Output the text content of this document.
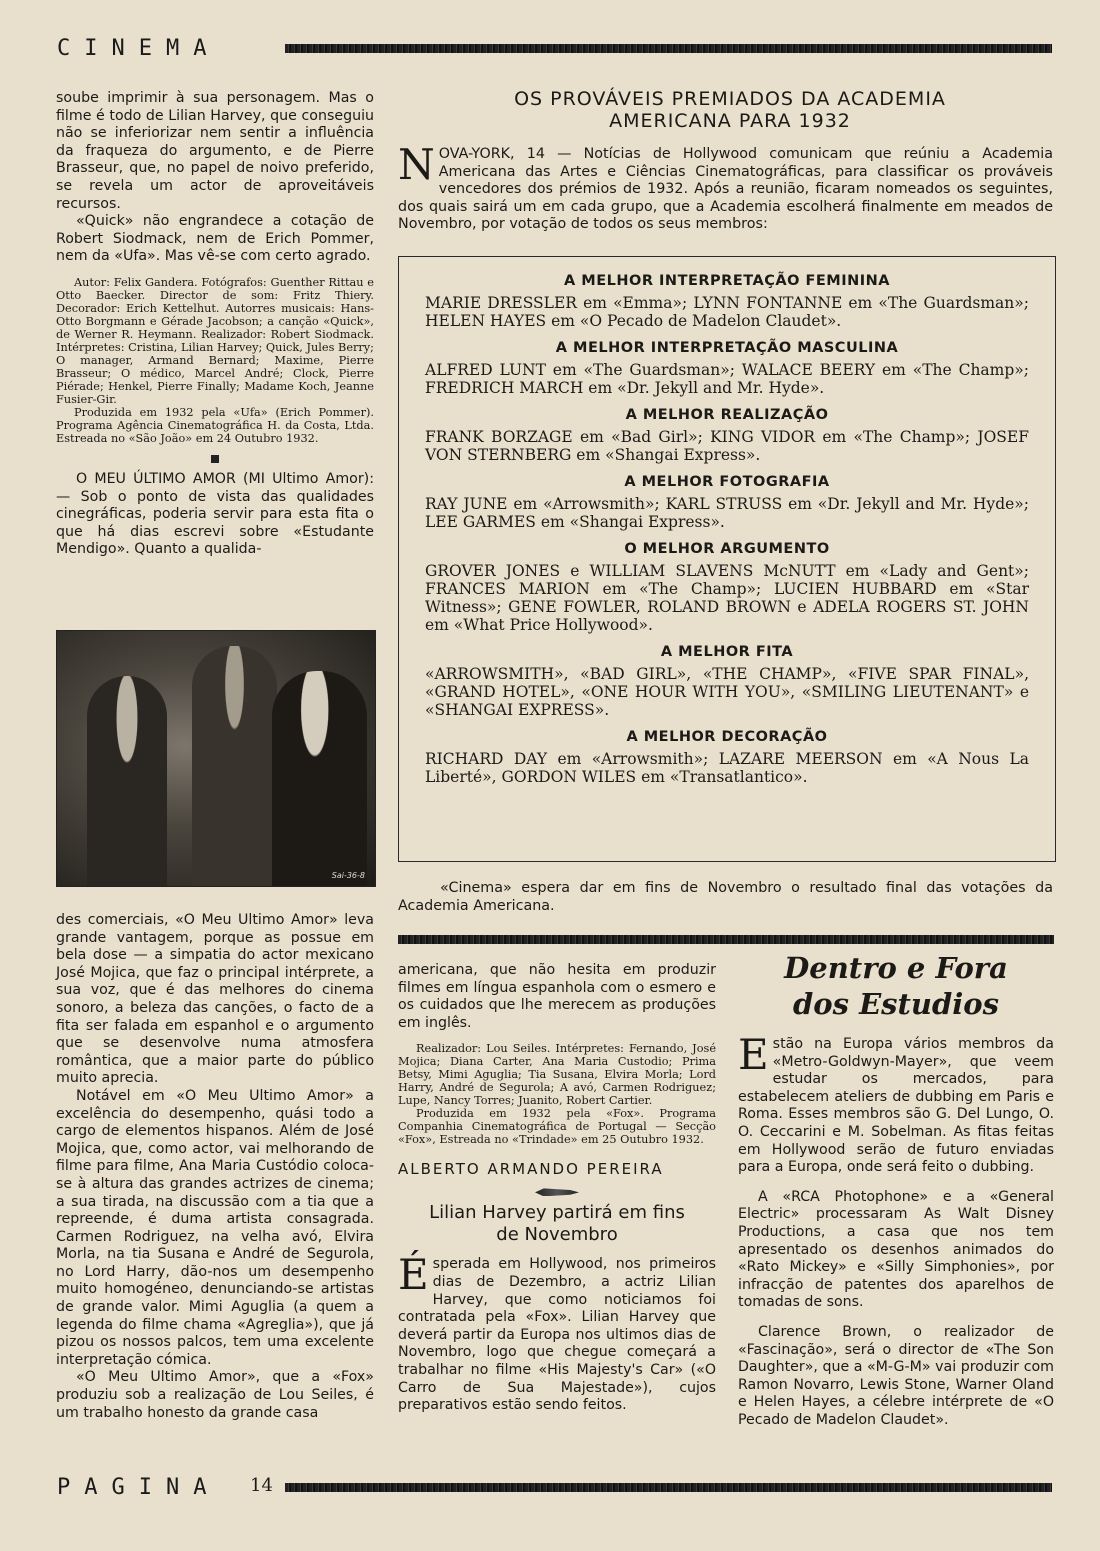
CINEMA

soube imprimir à sua personagem. Mas o filme é todo de Lilian Harvey, que conseguiu não se inferiorizar nem sentir a influência da fraqueza do argumento, e de Pierre Brasseur, que, no papel de noivo preferido, se revela um actor de aproveitáveis recursos.

«Quick» não engrandece a cotação de Robert Siodmack, nem de Erich Pommer, nem da «Ufa». Mas vê-se com certo agrado.

Autor: Felix Gandera. Fotógrafos: Guenther Rittau e Otto Baecker. Director de som: Fritz Thiery. Decorador: Erich Kettelhut. Autorres musicais: Hans-Otto Borgmann e Gérade Jacobson; a canção «Quick», de Werner R. Heymann. Realizador: Robert Siodmack. Intérpretes: Cristina, Lilian Harvey; Quick, Jules Berry; O manager, Armand Bernard; Maxime, Pierre Brasseur; O médico, Marcel André; Clock, Pierre Piérade; Henkel, Pierre Finally; Madame Koch, Jeanne Fusier-Gir.

Produzida em 1932 pela «Ufa» (Erich Pommer). Programa Agência Cinematográfica H. da Costa, Ltda. Estreada no «São João» em 24 Outubro 1932.

O MEU ÚLTIMO AMOR (MI Ultimo Amor): — Sob o ponto de vista das qualidades cinegráficas, poderia servir para esta fita o que há dias escrevi sobre «Estudante Mendigo». Quanto a qualida-

Sai-36-8

des comerciais, «O Meu Ultimo Amor» leva grande vantagem, porque as possue em bela dose — a simpatia do actor mexicano José Mojica, que faz o principal intérprete, a sua voz, que é das melhores do cinema sonoro, a beleza das canções, o facto de a fita ser falada em espanhol e o argumento que se desenvolve numa atmosfera romântica, que a maior parte do público muito aprecia.

Notável em «O Meu Ultimo Amor» a excelência do desempenho, quási todo a cargo de elementos hispanos. Além de José Mojica, que, como actor, vai melhorando de filme para filme, Ana Maria Custódio coloca-se à altura das grandes actrizes de cinema; a sua tirada, na discussão com a tia que a repreende, é duma artista consagrada. Carmen Rodriguez, na velha avó, Elvira Morla, na tia Susana e André de Segurola, no Lord Harry, dão-nos um desempenho muito homogéneo, denunciando-se artistas de grande valor. Mimi Aguglia (a quem a legenda do filme chama «Agreglia»), que já pizou os nossos palcos, tem uma excelente interpretação cómica.

«O Meu Ultimo Amor», que a «Fox» produziu sob a realização de Lou Seiles, é um trabalho honesto da grande casa

OS PROVÁVEIS PREMIADOS DA ACADEMIA AMERICANA PARA 1932
NOVA-YORK, 14 — Notícias de Hollywood comunicam que reúniu a Academia Americana das Artes e Ciências Cinematográficas, para classificar os prováveis vencedores dos prémios de 1932. Após a reunião, ficaram nomeados os seguintes, dos quais sairá um em cada grupo, que a Academia escolherá finalmente em meados de Novembro, por votação de todos os seus membros:
A MELHOR INTERPRETAÇÃO FEMININA

MARIE DRESSLER em «Emma»; LYNN FONTANNE em «The Guardsman»; HELEN HAYES em «O Pecado de Madelon Claudet».

A MELHOR INTERPRETAÇÃO MASCULINA

ALFRED LUNT em «The Guardsman»; WALACE BEERY em «The Champ»; FREDRICH MARCH em «Dr. Jekyll and Mr. Hyde».

A MELHOR REALIZAÇÃO

FRANK BORZAGE em «Bad Girl»; KING VIDOR em «The Champ»; JOSEF VON STERNBERG em «Shangai Express».

A MELHOR FOTOGRAFIA

RAY JUNE em «Arrowsmith»; KARL STRUSS em «Dr. Jekyll and Mr. Hyde»; LEE GARMES em «Shangai Express».

O MELHOR ARGUMENTO

GROVER JONES e WILLIAM SLAVENS McNUTT em «Lady and Gent»; FRANCES MARION em «The Champ»; LUCIEN HUBBARD em «Star Witness»; GENE FOWLER, ROLAND BROWN e ADELA ROGERS ST. JOHN em «What Price Hollywood».

A MELHOR FITA

«ARROWSMITH», «BAD GIRL», «THE CHAMP», «FIVE SPAR FINAL», «GRAND HOTEL», «ONE HOUR WITH YOU», «SMILING LIEUTENANT» e «SHANGAI EXPRESS».

A MELHOR DECORAÇÃO

RICHARD DAY em «Arrowsmith»; LAZARE MEERSON em «A Nous La Liberté», GORDON WILES em «Transatlantico».

«Cinema» espera dar em fins de Novembro o resultado final das votações da Academia Americana.

americana, que não hesita em produzir filmes em língua espanhola com o esmero e os cuidados que lhe merecem as produções em inglês.

Realizador: Lou Seiles. Intérpretes: Fernando, José Mojica; Diana Carter, Ana Maria Custodio; Prima Betsy, Mimi Aguglia; Tia Susana, Elvira Morla; Lord Harry, André de Segurola; A avó, Carmen Rodriguez; Lupe, Nancy Torres; Juanito, Robert Cartier.

Produzida em 1932 pela «Fox». Programa Companhia Cinematográfica de Portugal — Secção «Fox», Estreada no «Trindade» em 25 Outubro 1932.

ALBERTO ARMANDO PEREIRA
Lilian Harvey partirá em fins de Novembro
Ésperada em Hollywood, nos primeiros dias de Dezembro, a actriz Lilian Harvey, que como noticiamos foi contratada pela «Fox». Lilian Harvey que deverá partir da Europa nos ultimos dias de Novembro, logo que chegue começará a trabalhar no filme «His Majesty's Car» («O Carro de Sua Majestade»), cujos preparativos estão sendo feitos.
Dentro e Fora
dos Estudios

Estão na Europa vários membros da «Metro-Goldwyn-Mayer», que veem estudar os mercados, para estabelecem ateliers de dubbing em Paris e Roma. Esses membros são G. Del Lungo, O. O. Ceccarini e M. Sobelman. As fitas feitas em Hollywood serão de futuro enviadas para a Europa, onde será feito o dubbing.

A «RCA Photophone» e a «General Electric» processaram As Walt Disney Productions, a casa que nos tem apresentado os desenhos animados do «Rato Mickey» e «Silly Simphonies», por infracção de patentes dos aparelhos de tomadas de sons.

Clarence Brown, o realizador de «Fascinação», será o director de «The Son Daughter», que a «M-G-M» vai produzir com Ramon Novarro, Lewis Stone, Warner Oland e Helen Hayes, a célebre intérprete de «O Pecado de Madelon Claudet».

PAGINA 14
